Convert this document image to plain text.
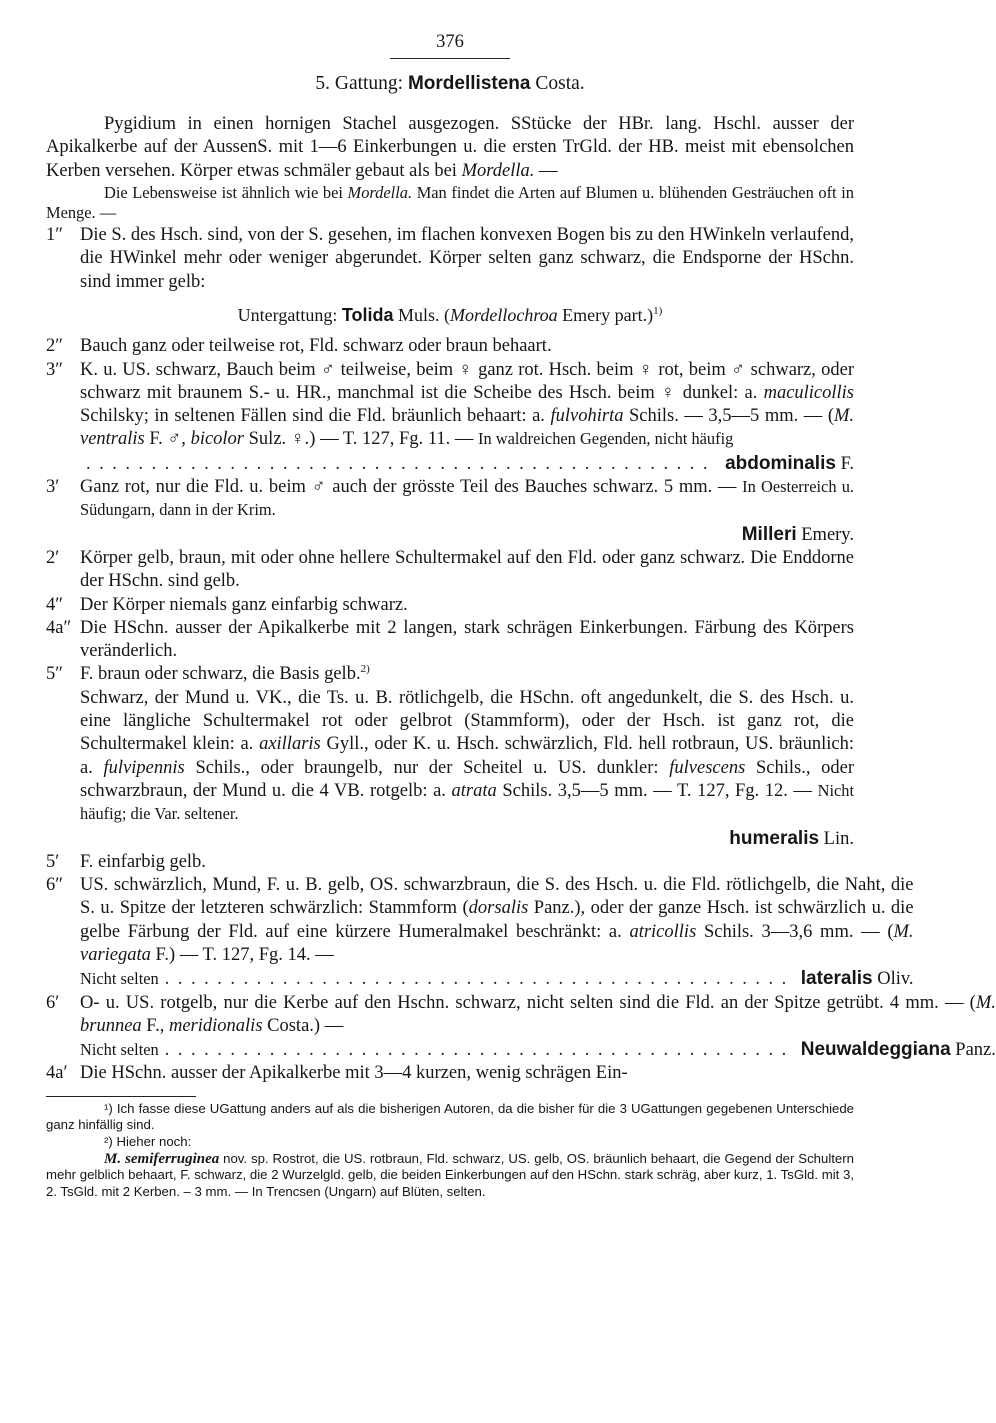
376
5. Gattung: Mordellistena Costa.

Pygidium in einen hornigen Stachel ausgezogen. SStücke der HBr. lang. Hschl. ausser der Apikalkerbe auf der AussenS. mit 1—6 Einkerbungen u. die ersten TrGld. der HB. meist mit ebensolchen Kerben versehen. Körper etwas schmäler gebaut als bei Mordella. —

Die Lebensweise ist ähnlich wie bei Mordella. Man findet die Arten auf Blumen u. blühenden Gesträuchen oft in Menge. —

1″ Die S. des Hsch. sind, von der S. gesehen, im flachen konvexen Bogen bis zu den HWinkeln verlaufend, die HWinkel mehr oder weniger abgerundet. Körper selten ganz schwarz, die Endsporne der HSchn. sind immer gelb:
Untergattung: Tolida Muls. (Mordellochroa Emery part.)$^{1)}$
2″ Bauch ganz oder teilweise rot, Fld. schwarz oder braun behaart.
3″ K. u. US. schwarz, Bauch beim ♂ teilweise, beim ♀ ganz rot. Hsch. beim ♀ rot, beim ♂ schwarz, oder schwarz mit braunem S.- u. HR., manchmal ist die Scheibe des Hsch. beim ♀ dunkel: a. maculicollis Schilsky; in seltenen Fällen sind die Fld. bräunlich behaart: a. fulvohirta Schils. — 3,5—5 mm. — (M. ventralis F. ♂, bicolor Sulz. ♀.) — T. 127, Fg. 11. — In waldreichen Gegenden, nicht häufig

................................................ abdominalis F.
3′	Ganz rot, nur die Fld. u. beim ♂ auch der grösste Teil des Bauches schwarz. 5 mm. — In Oesterreich u. Südungarn, dann in der Krim.

Milleri Emery.
2′	Körper gelb, braun, mit oder ohne hellere Schultermakel auf den Fld. oder ganz schwarz. Die Enddorne der HSchn. sind gelb.
4″ Der Körper niemals ganz einfarbig schwarz.
4a″ Die HSchn. ausser der Apikalkerbe mit 2 langen, stark schrägen Einkerbungen. Färbung des Körpers veränderlich.
5″ F. braun oder schwarz, die Basis gelb.$^{2)}$

Schwarz, der Mund u. VK., die Ts. u. B. rötlichgelb, die HSchn. oft angedunkelt, die S. des Hsch. u. eine längliche Schultermakel rot oder gelbrot (Stammform), oder der Hsch. ist ganz rot, die Schultermakel klein: a. axillaris Gyll., oder K. u. Hsch. schwärzlich, Fld. hell rotbraun, US. bräunlich: a. fulvipennis Schils., oder braungelb, nur der Scheitel u. US. dunkler: fulvescens Schils., oder schwarzbraun, der Mund u. die 4 VB. rotgelb: a. atrata Schils. 3,5—5 mm. — T. 127, Fg. 12. — Nicht häufig; die Var. seltener.

humeralis Lin.
5′	F. einfarbig gelb.
6″ US. schwärzlich, Mund, F. u. B. gelb, OS. schwarzbraun, die S. des Hsch. u. die Fld. rötlichgelb, die Naht, die S. u. Spitze der letzteren schwärzlich: Stammform (dorsalis Panz.), oder der ganze Hsch. ist schwärzlich u. die gelbe Färbung der Fld. auf eine kürzere Humeralmakel beschränkt: a. atricollis Schils. 3—3,6 mm. — (M. variegata F.) — T. 127, Fg. 14. —

Nicht selten ................................................ lateralis Oliv.
6′	O- u. US. rotgelb, nur die Kerbe auf den Hschn. schwarz, nicht selten sind die Fld. an der Spitze getrübt. 4 mm. — (M. brunnea F., meridionalis Costa.) —

Nicht selten ................................................ Neuwaldeggiana Panz.
4a′ Die HSchn. ausser der Apikalkerbe mit 3—4 kurzen, wenig schrägen Ein-

¹) Ich fasse diese UGattung anders auf als die bisherigen Autoren, da die bisher für die 3 UGattungen gegebenen Unterschiede ganz hinfällig sind.

²) Hieher noch:

M. semiferruginea nov. sp. Rostrot, die US. rotbraun, Fld. schwarz, US. gelb, OS. bräunlich behaart, die Gegend der Schultern mehr gelblich behaart, F. schwarz, die 2 Wurzelgld. gelb, die beiden Einkerbungen auf den HSchn. stark schräg, aber kurz, 1. TsGld. mit 3, 2. TsGld. mit 2 Kerben. – 3 mm. — In Trencsen (Ungarn) auf Blüten, selten.
